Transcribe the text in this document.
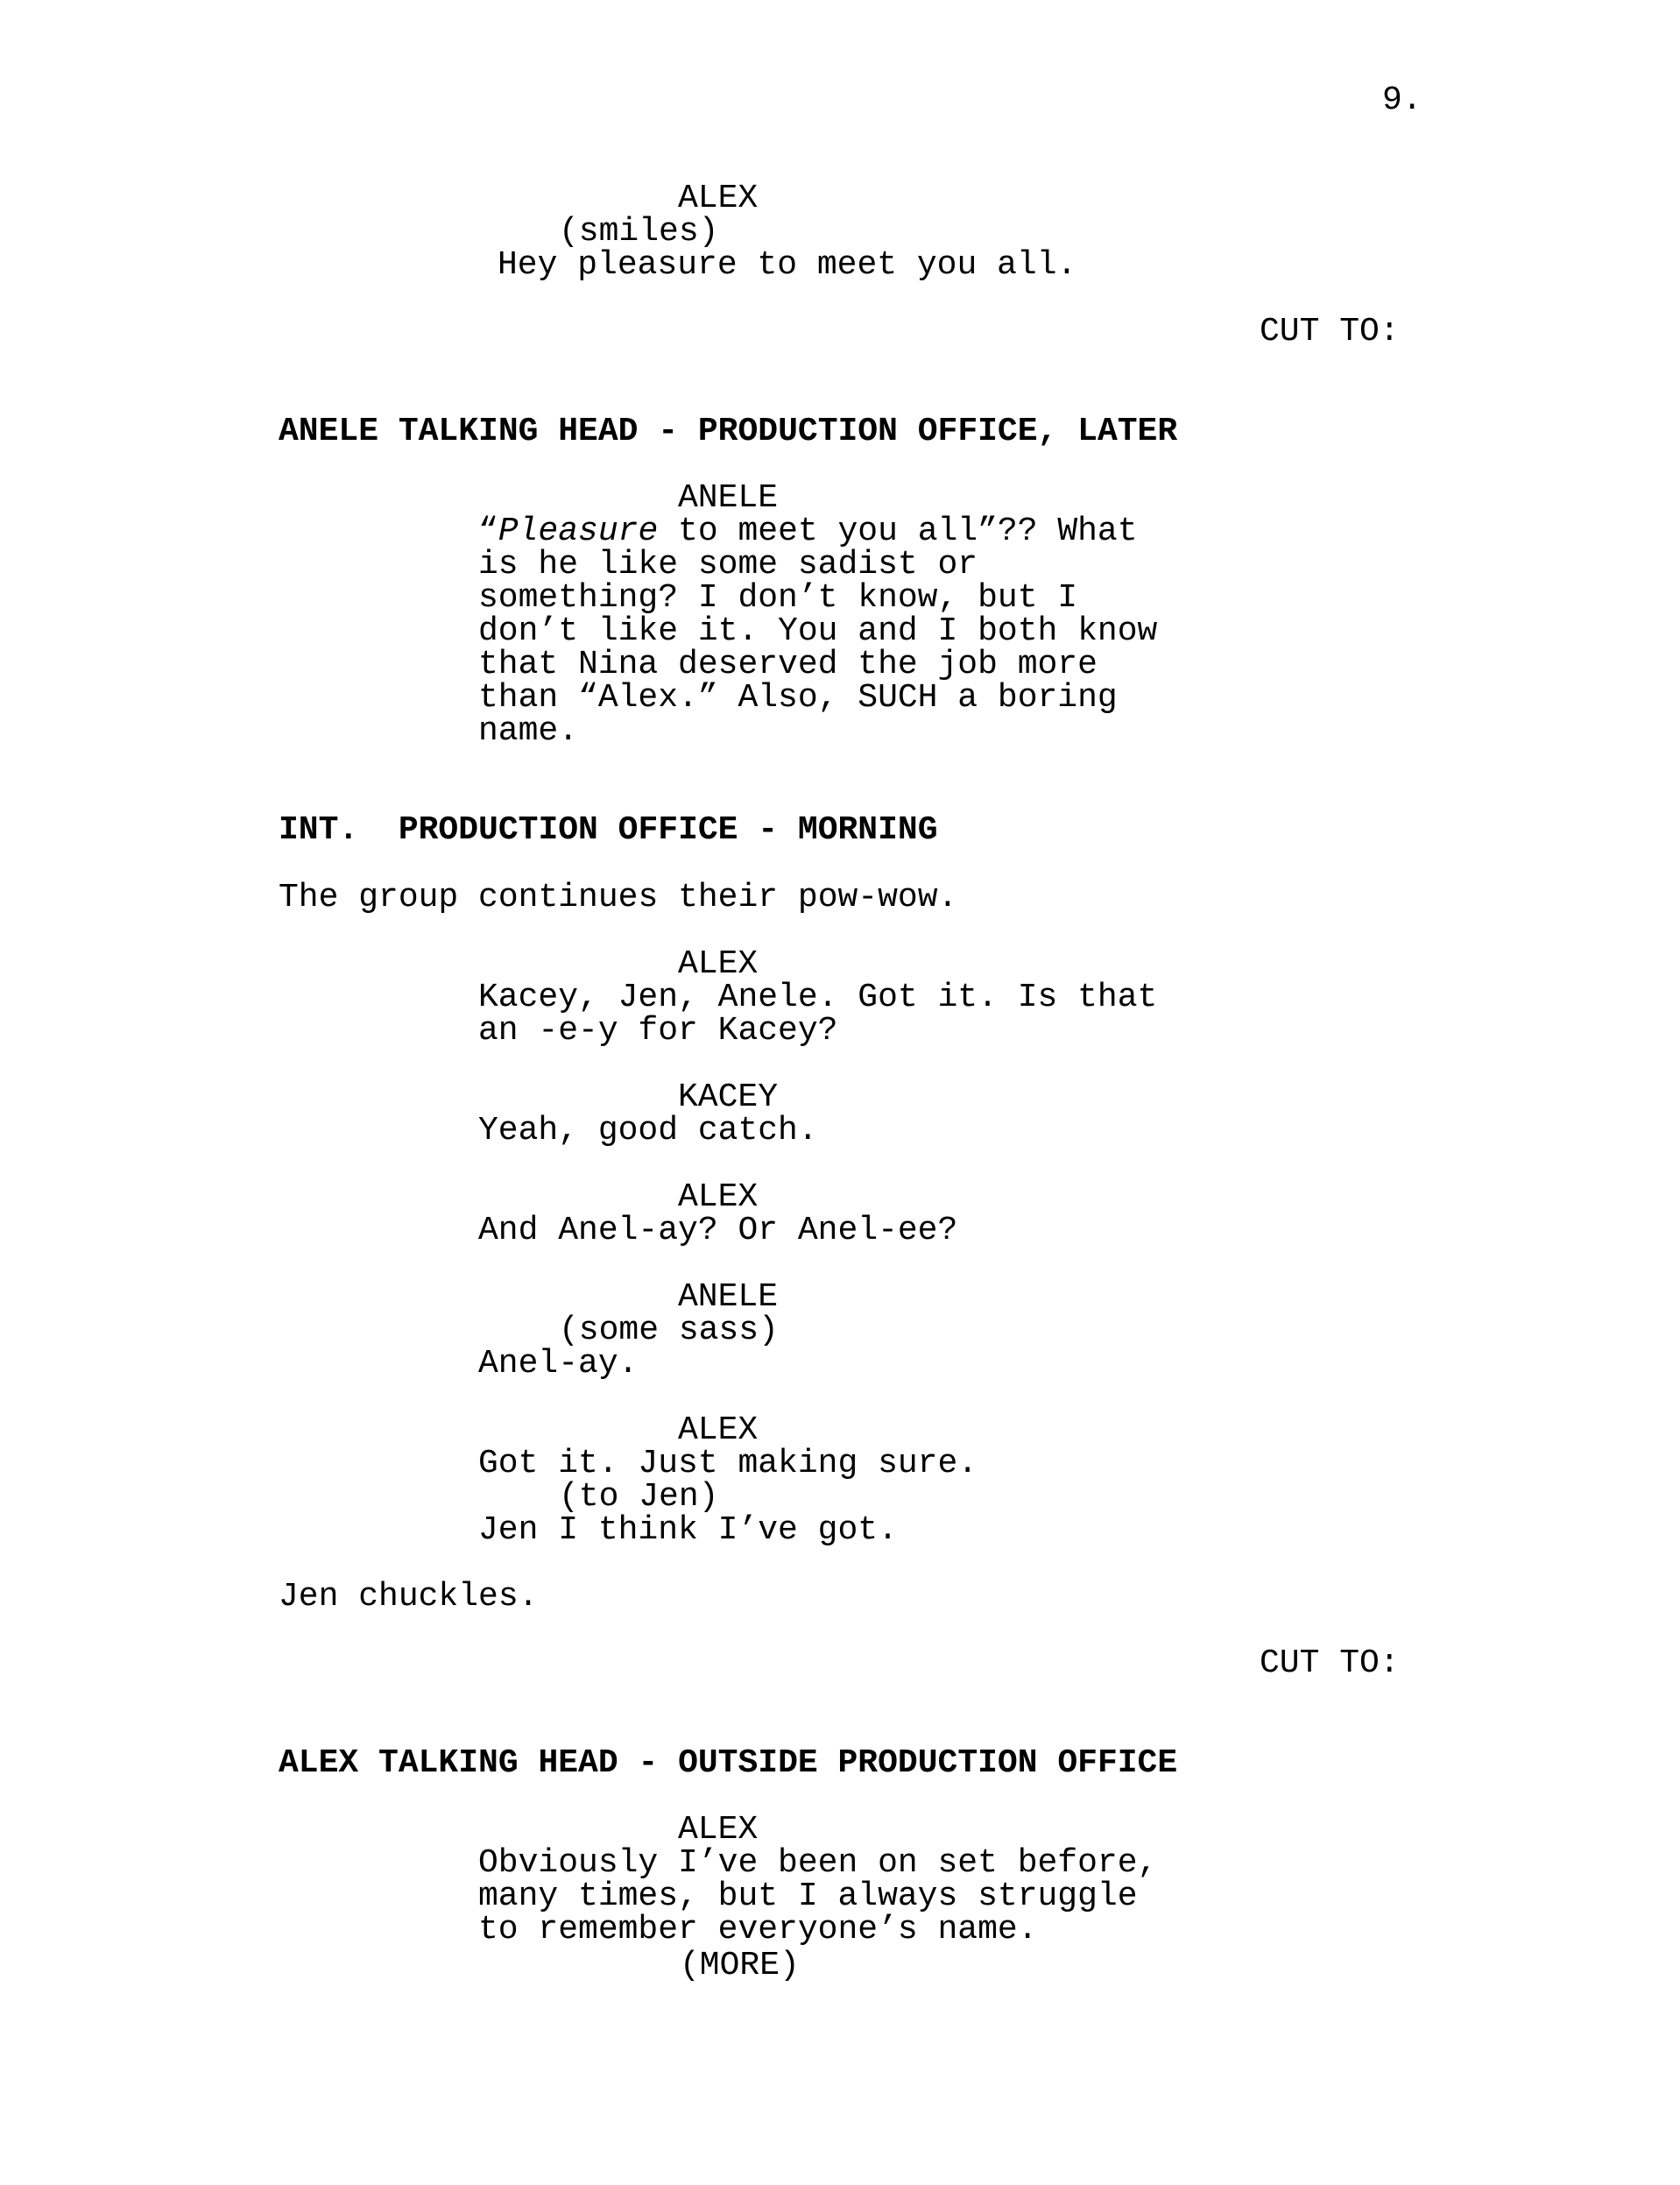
9.
ALEX
(smiles)
Hey pleasure to meet you all.
CUT TO:
ANELE TALKING HEAD - PRODUCTION OFFICE, LATER
ANELE
“Pleasure to meet you all”?? What
is he like some sadist or
something? I don’t know, but I
don’t like it. You and I both know
that Nina deserved the job more
than “Alex.” Also, SUCH a boring
name.
INT.  PRODUCTION OFFICE - MORNING
The group continues their pow-wow.
ALEX
Kacey, Jen, Anele. Got it. Is that
an -e-y for Kacey?
KACEY
Yeah, good catch.
ALEX
And Anel-ay? Or Anel-ee?
ANELE
(some sass)
Anel-ay.
ALEX
Got it. Just making sure.
(to Jen)
Jen I think I’ve got.
Jen chuckles.
CUT TO:
ALEX TALKING HEAD - OUTSIDE PRODUCTION OFFICE
ALEX
Obviously I’ve been on set before,
many times, but I always struggle
to remember everyone’s name.
(MORE)
